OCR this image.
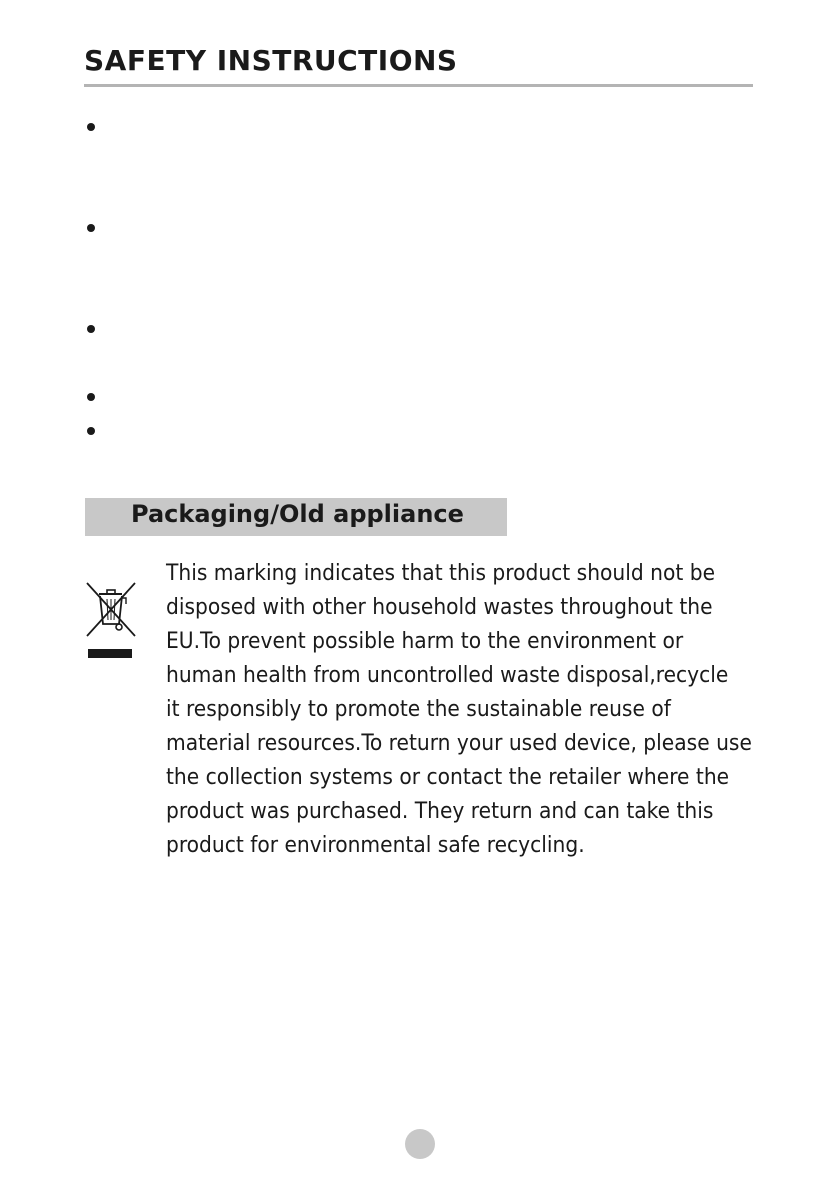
SAFETY INSTRUCTIONS
Packaging/Old appliance
This marking indicates that this product should not be
disposed with other household wastes throughout the
EU.To prevent possible harm to the environment or
human health from uncontrolled waste disposal,recycle
it responsibly to promote the sustainable reuse of
material resources.To return your used device, please use
the collection systems or contact the retailer where the
product was purchased. They return and can take this
product for environmental safe recycling.
